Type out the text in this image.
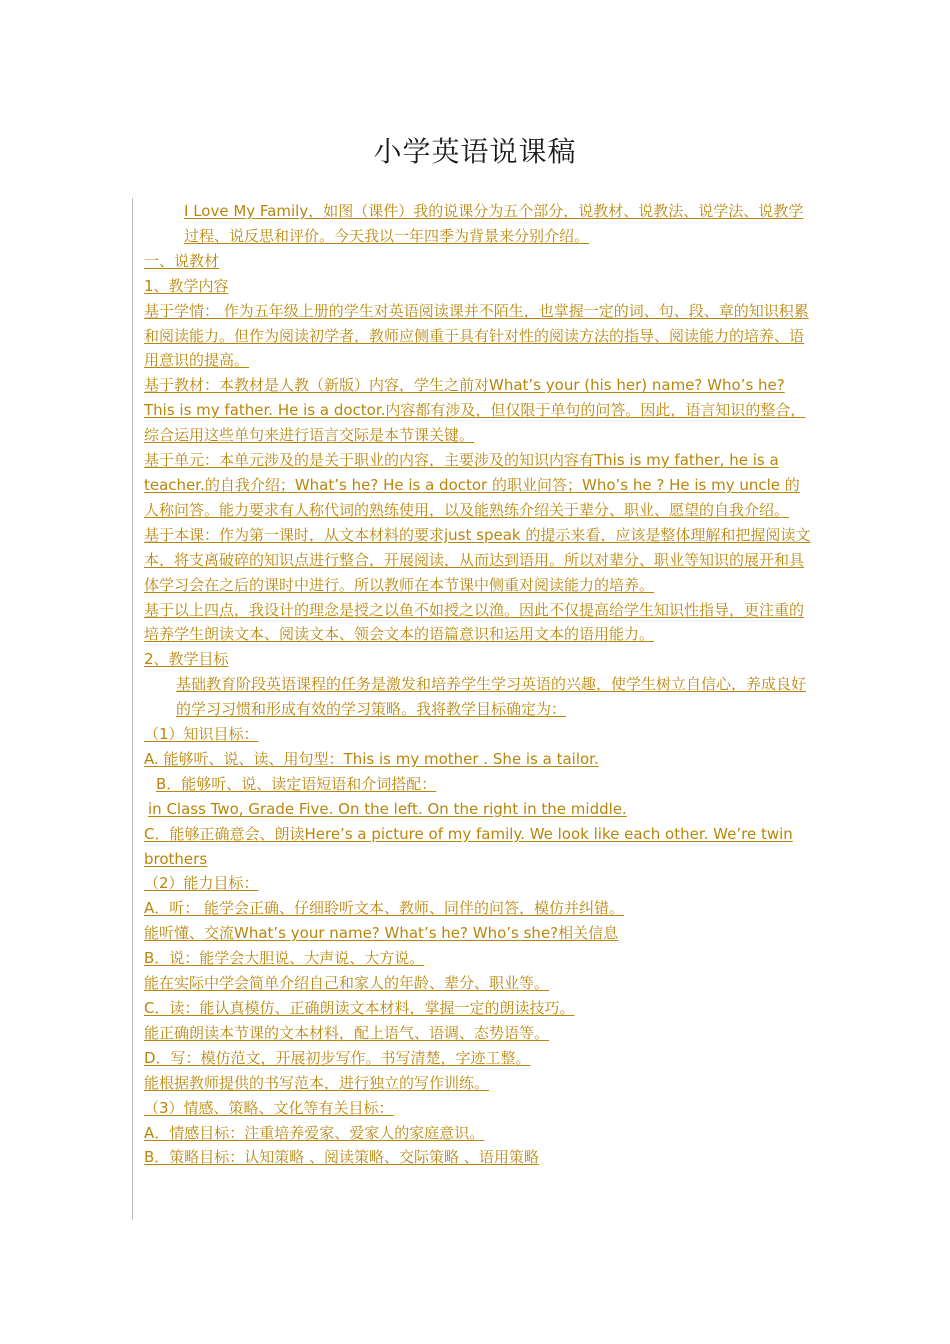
小学英语说课稿

I Love My Family，如图（课件）我的说课分为五个部分，说教材、说教法、说学法、说教学过程、说反思和评价。今天我以一年四季为背景来分别介绍。

一、说教材

1、教学内容

基于学情： 作为五年级上册的学生对英语阅读课并不陌生，也掌握一定的词、句、段、章的知识积累和阅读能力。但作为阅读初学者，教师应侧重于具有针对性的阅读方法的指导、阅读能力的培养、语用意识的提高。

基于教材：本教材是人教（新版）内容，学生之前对What’s your (his her) name? Who’s he? This is my father. He is a doctor.内容都有涉及，但仅限于单句的问答。因此，语言知识的整合，综合运用这些单句来进行语言交际是本节课关键。

基于单元：本单元涉及的是关于职业的内容，主要涉及的知识内容有This is my father, he is a teacher.的自我介绍；What’s he? He is a doctor 的职业问答；Who’s he ? He is my uncle 的人称问答。能力要求有人称代词的熟练使用，以及能熟练介绍关于辈分、职业、愿望的自我介绍。

基于本课：作为第一课时，从文本材料的要求just speak 的提示来看，应该是整体理解和把握阅读文本，将支离破碎的知识点进行整合，开展阅读，从而达到语用。所以对辈分、职业等知识的展开和具体学习会在之后的课时中进行。所以教师在本节课中侧重对阅读能力的培养。

基于以上四点，我设计的理念是授之以鱼不如授之以渔。因此不仅提高给学生知识性指导，更注重的培养学生朗读文本、阅读文本、领会文本的语篇意识和运用文本的语用能力。

2、教学目标

基础教育阶段英语课程的任务是激发和培养学生学习英语的兴趣，使学生树立自信心，养成良好的学习习惯和形成有效的学习策略。我将教学目标确定为：

（1）知识目标：

A. 能够听、说、读、用句型：This is my mother . She is a tailor.

B．能够听、说、读定语短语和介词搭配：

in Class Two, Grade Five. On the left. On the right in the middle.

C．能够正确意会、朗读Here’s a picture of my family. We look like each other. We’re twin brothers

（2）能力目标：

A．听： 能学会正确、仔细聆听文本、教师、同伴的问答，模仿并纠错。

能听懂、交流What’s your name? What’s he? Who’s she?相关信息

B．说：能学会大胆说、大声说、大方说。

能在实际中学会简单介绍自己和家人的年龄、辈分、职业等。

C．读：能认真模仿、正确朗读文本材料，掌握一定的朗读技巧。

能正确朗读本节课的文本材料，配上语气、语调、态势语等。

D．写：模仿范文，开展初步写作。书写清楚，字迹工整。

能根据教师提供的书写范本，进行独立的写作训练。

（3）情感、策略、文化等有关目标：

A．情感目标：注重培养爱家、爱家人的家庭意识。

B．策略目标：认知策略 、阅读策略、交际策略 、语用策略
